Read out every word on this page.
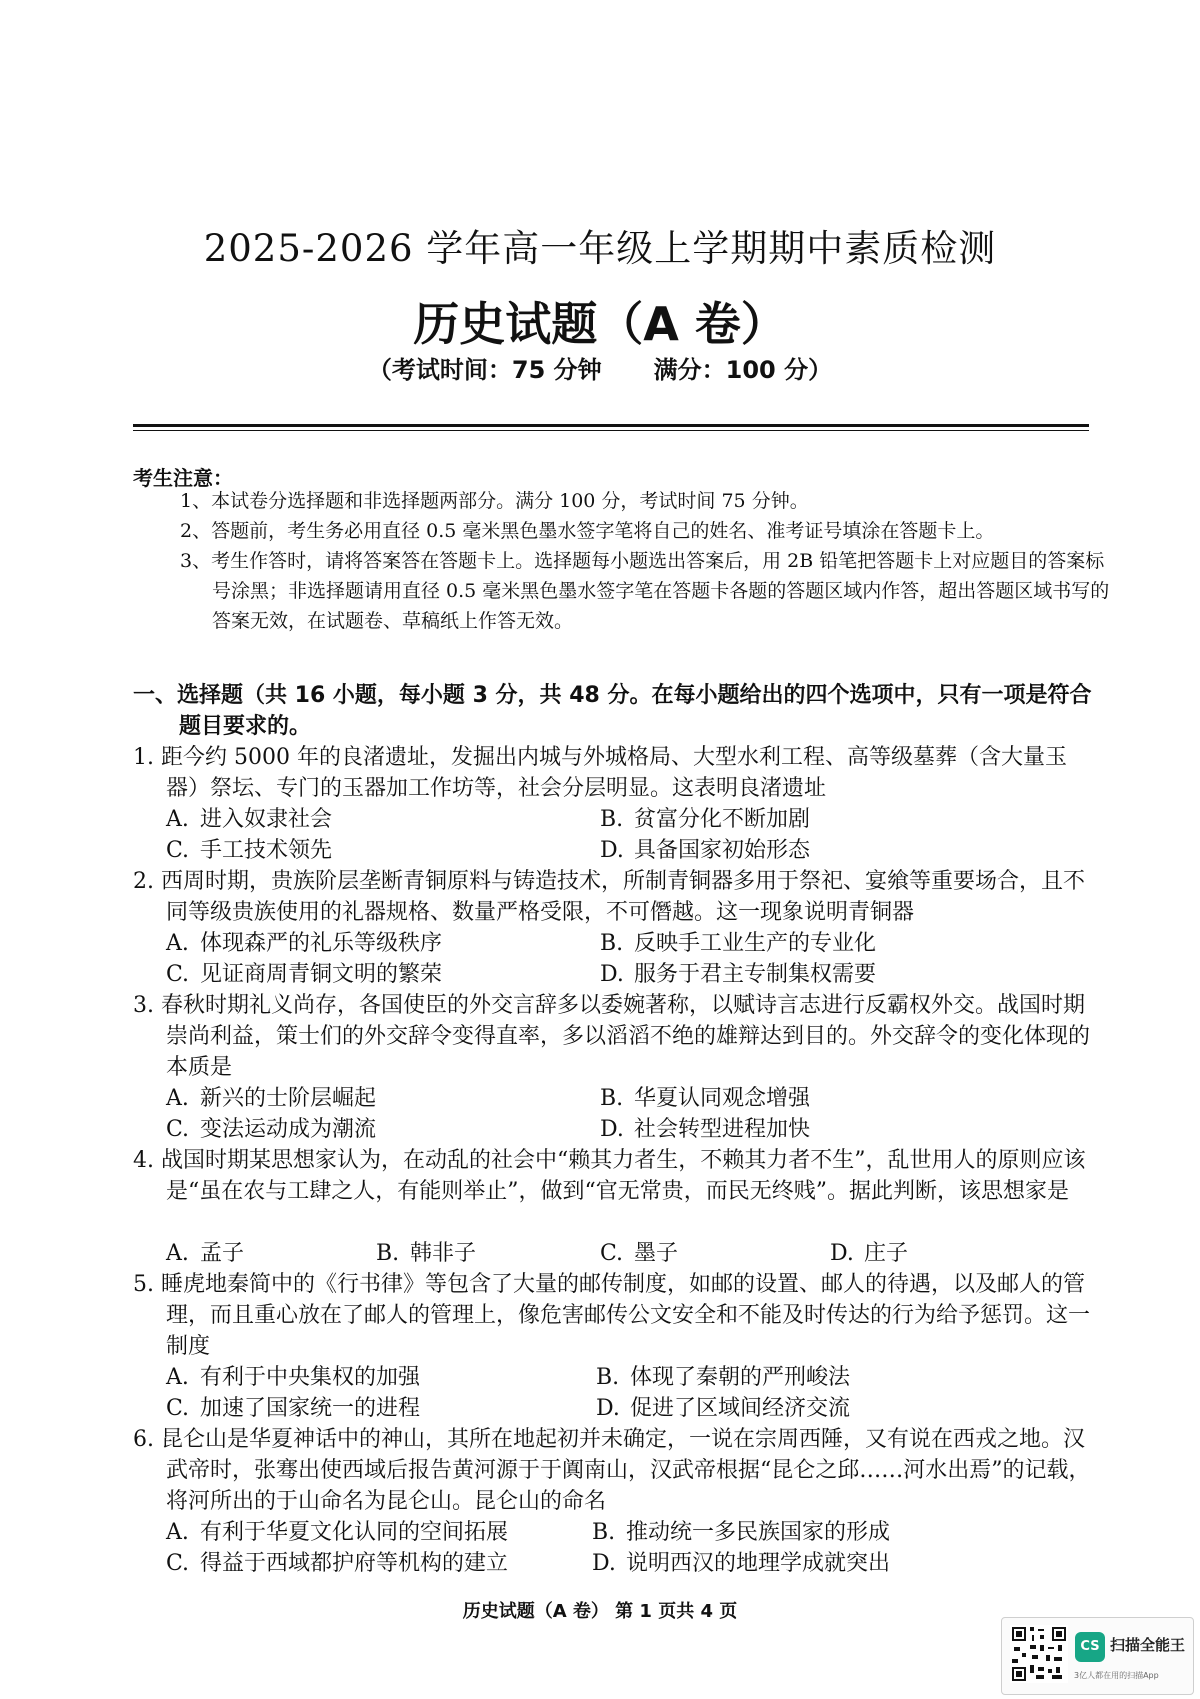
2025-2026 学年高一年级上学期期中素质检测
历史试题（A 卷）
（考试时间：75 分钟 满分：100 分）
考生注意：
1、本试卷分选择题和非选择题两部分。满分 100 分，考试时间 75 分钟。
2、答题前，考生务必用直径 0.5 毫米黑色墨水签字笔将自己的姓名、准考证号填涂在答题卡上。
3、考生作答时，请将答案答在答题卡上。选择题每小题选出答案后，用 2B 铅笔把答题卡上对应题目的答案标号涂黑；非选择题请用直径 0.5 毫米黑色墨水签字笔在答题卡各题的答题区域内作答，超出答题区域书写的答案无效，在试题卷、草稿纸上作答无效。
一、选择题（共 16 小题，每小题 3 分，共 48 分。在每小题给出的四个选项中，只有一项是符合题目要求的。
1. 距今约 5000 年的良渚遗址，发掘出内城与外城格局、大型水利工程、高等级墓葬（含大量玉器）祭坛、专门的玉器加工作坊等，社会分层明显。这表明良渚遗址
A. 进入奴隶社会	B. 贫富分化不断加剧
C. 手工技术领先	D. 具备国家初始形态
2. 西周时期，贵族阶层垄断青铜原料与铸造技术，所制青铜器多用于祭祀、宴飨等重要场合，且不同等级贵族使用的礼器规格、数量严格受限，不可僭越。这一现象说明青铜器
A. 体现森严的礼乐等级秩序	B. 反映手工业生产的专业化
C. 见证商周青铜文明的繁荣	D. 服务于君主专制集权需要
3. 春秋时期礼义尚存，各国使臣的外交言辞多以委婉著称，以赋诗言志进行反霸权外交。战国时期崇尚利益，策士们的外交辞令变得直率，多以滔滔不绝的雄辩达到目的。外交辞令的变化体现的本质是
A. 新兴的士阶层崛起	B. 华夏认同观念增强
C. 变法运动成为潮流	D. 社会转型进程加快
4. 战国时期某思想家认为，在动乱的社会中“赖其力者生，不赖其力者不生”，乱世用人的原则应该是“虽在农与工肆之人，有能则举止”，做到“官无常贵，而民无终贱”。据此判断，该思想家是
A. 孟子	B. 韩非子	C. 墨子	D. 庄子
5. 睡虎地秦简中的《行书律》等包含了大量的邮传制度，如邮的设置、邮人的待遇，以及邮人的管理，而且重心放在了邮人的管理上，像危害邮传公文安全和不能及时传达的行为给予惩罚。这一制度
A. 有利于中央集权的加强	B. 体现了秦朝的严刑峻法
C. 加速了国家统一的进程	D. 促进了区域间经济交流
6. 昆仑山是华夏神话中的神山，其所在地起初并未确定，一说在宗周西陲，又有说在西戎之地。汉武帝时，张骞出使西域后报告黄河源于于阗南山，汉武帝根据“昆仑之邱……河水出焉”的记载，将河所出的于山命名为昆仑山。昆仑山的命名
A. 有利于华夏文化认同的空间拓展	B. 推动统一多民族国家的形成
C. 得益于西域都护府等机构的建立	D. 说明西汉的地理学成就突出
历史试题（A 卷） 第 1 页共 4 页
CS 扫描全能王
3亿人都在用的扫描App
